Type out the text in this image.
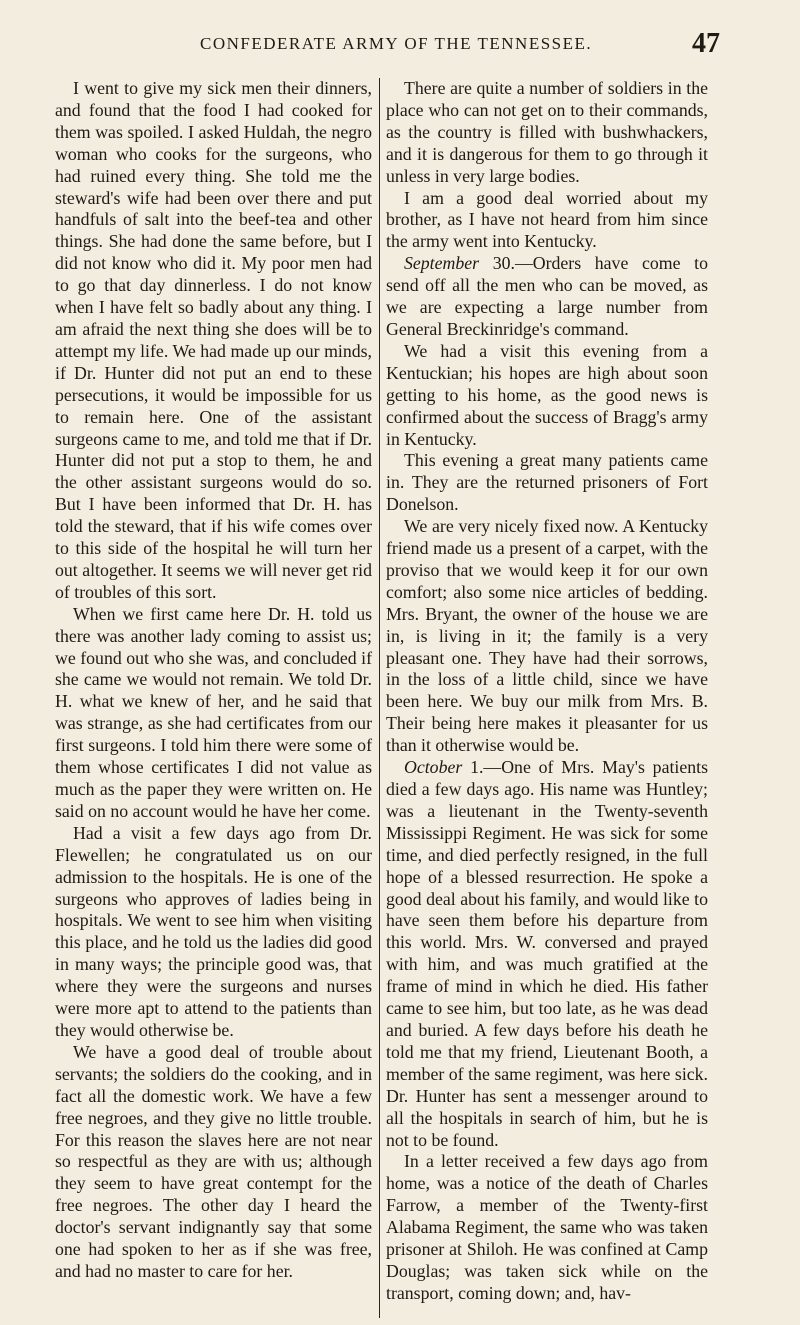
CONFEDERATE ARMY OF THE TENNESSEE.	47

I went to give my sick men their dinners, and found that the food I had cooked for them was spoiled. I asked Huldah, the negro woman who cooks for the surgeons, who had ruined every thing. She told me the steward's wife had been over there and put handfuls of salt into the beef-tea and other things. She had done the same before, but I did not know who did it. My poor men had to go that day dinnerless. I do not know when I have felt so badly about any thing. I am afraid the next thing she does will be to attempt my life. We had made up our minds, if Dr. Hunter did not put an end to these persecutions, it would be impossible for us to remain here. One of the assistant surgeons came to me, and told me that if Dr. Hunter did not put a stop to them, he and the other assistant surgeons would do so. But I have been informed that Dr. H. has told the steward, that if his wife comes over to this side of the hospital he will turn her out altogether. It seems we will never get rid of troubles of this sort.

When we first came here Dr. H. told us there was another lady coming to assist us; we found out who she was, and concluded if she came we would not remain. We told Dr. H. what we knew of her, and he said that was strange, as she had certificates from our first surgeons. I told him there were some of them whose certificates I did not value as much as the paper they were written on. He said on no account would he have her come.

Had a visit a few days ago from Dr. Flewellen; he congratulated us on our admission to the hospitals. He is one of the surgeons who approves of ladies being in hospitals. We went to see him when visiting this place, and he told us the ladies did good in many ways; the principle good was, that where they were the surgeons and nurses were more apt to attend to the patients than they would otherwise be.

We have a good deal of trouble about servants; the soldiers do the cooking, and in fact all the domestic work. We have a few free negroes, and they give no little trouble. For this reason the slaves here are not near so respectful as they are with us; although they seem to have great contempt for the free negroes. The other day I heard the doctor's servant indignantly say that some one had spoken to her as if she was free, and had no master to care for her.

There are quite a number of soldiers in the place who can not get on to their commands, as the country is filled with bushwhackers, and it is dangerous for them to go through it unless in very large bodies.

I am a good deal worried about my brother, as I have not heard from him since the army went into Kentucky.

September 30.—Orders have come to send off all the men who can be moved, as we are expecting a large number from General Breckinridge's command.

We had a visit this evening from a Kentuckian; his hopes are high about soon getting to his home, as the good news is confirmed about the success of Bragg's army in Kentucky.

This evening a great many patients came in. They are the returned prisoners of Fort Donelson.

We are very nicely fixed now. A Kentucky friend made us a present of a carpet, with the proviso that we would keep it for our own comfort; also some nice articles of bedding. Mrs. Bryant, the owner of the house we are in, is living in it; the family is a very pleasant one. They have had their sorrows, in the loss of a little child, since we have been here. We buy our milk from Mrs. B. Their being here makes it pleasanter for us than it otherwise would be.

October 1.—One of Mrs. May's patients died a few days ago. His name was Huntley; was a lieutenant in the Twenty-seventh Mississippi Regiment. He was sick for some time, and died perfectly resigned, in the full hope of a blessed resurrection. He spoke a good deal about his family, and would like to have seen them before his departure from this world. Mrs. W. conversed and prayed with him, and was much gratified at the frame of mind in which he died. His father came to see him, but too late, as he was dead and buried. A few days before his death he told me that my friend, Lieutenant Booth, a member of the same regiment, was here sick. Dr. Hunter has sent a messenger around to all the hospitals in search of him, but he is not to be found.

In a letter received a few days ago from home, was a notice of the death of Charles Farrow, a member of the Twenty-first Alabama Regiment, the same who was taken prisoner at Shiloh. He was confined at Camp Douglas; was taken sick while on the transport, coming down; and, hav-
